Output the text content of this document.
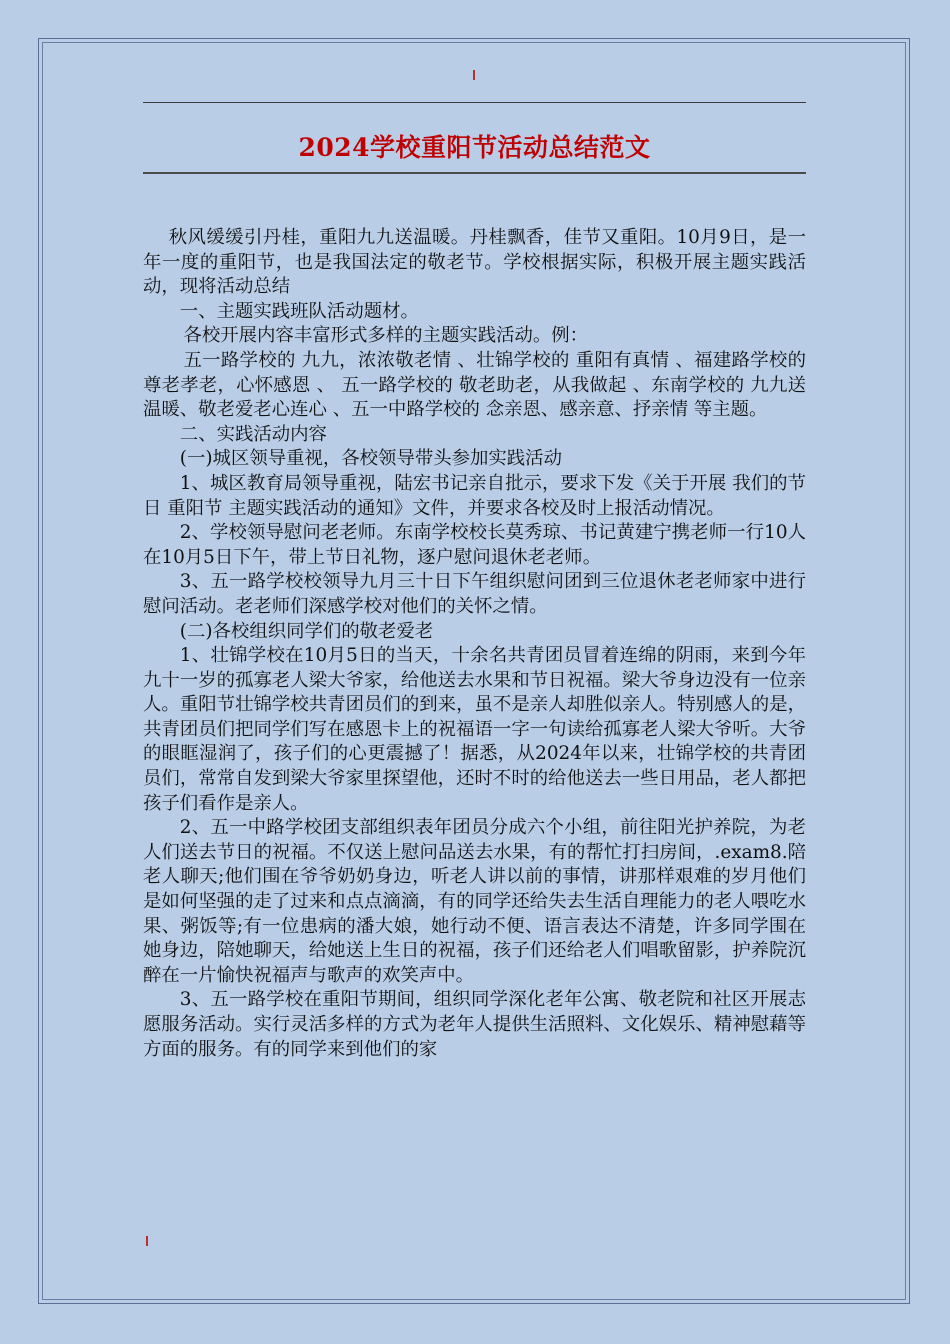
2024学校重阳节活动总结范文

秋风缓缓引丹桂，重阳九九送温暖。丹桂飘香，佳节又重阳。10月9日，是一年一度的重阳节，也是我国法定的敬老节。学校根据实际，积极开展主题实践活动，现将活动总结

一、主题实践班队活动题材。

各校开展内容丰富形式多样的主题实践活动。例：

五一路学校的 九九，浓浓敬老情 、壮锦学校的 重阳有真情 、福建路学校的 尊老孝老，心怀感恩 、 五一路学校的 敬老助老，从我做起 、东南学校的 九九送温暖、敬老爱老心连心 、五一中路学校的 念亲恩、感亲意、抒亲情 等主题。

二、实践活动内容

(一)城区领导重视，各校领导带头参加实践活动

1、城区教育局领导重视，陆宏书记亲自批示，要求下发《关于开展 我们的节日 重阳节 主题实践活动的通知》文件，并要求各校及时上报活动情况。

2、学校领导慰问老老师。东南学校校长莫秀琼、书记黄建宁携老师一行10人在10月5日下午，带上节日礼物，逐户慰问退休老老师。

3、五一路学校校领导九月三十日下午组织慰问团到三位退休老老师家中进行慰问活动。老老师们深感学校对他们的关怀之情。

(二)各校组织同学们的敬老爱老

1、壮锦学校在10月5日的当天，十余名共青团员冒着连绵的阴雨，来到今年九十一岁的孤寡老人梁大爷家，给他送去水果和节日祝福。梁大爷身边没有一位亲人。重阳节壮锦学校共青团员们的到来，虽不是亲人却胜似亲人。特别感人的是，共青团员们把同学们写在感恩卡上的祝福语一字一句读给孤寡老人梁大爷听。大爷的眼眶湿润了，孩子们的心更震撼了！据悉，从2024年以来，壮锦学校的共青团员们，常常自发到梁大爷家里探望他，还时不时的给他送去一些日用品，老人都把孩子们看作是亲人。

2、五一中路学校团支部组织表年团员分成六个小组，前往阳光护养院，为老人们送去节日的祝福。不仅送上慰问品送去水果，有的帮忙打扫房间，.exam8.陪老人聊天;他们围在爷爷奶奶身边，听老人讲以前的事情，讲那样艰难的岁月他们是如何坚强的走了过来和点点滴滴，有的同学还给失去生活自理能力的老人喂吃水果、粥饭等;有一位患病的潘大娘，她行动不便、语言表达不清楚，许多同学围在她身边，陪她聊天，给她送上生日的祝福，孩子们还给老人们唱歌留影，护养院沉醉在一片愉快祝福声与歌声的欢笑声中。

3、五一路学校在重阳节期间，组织同学深化老年公寓、敬老院和社区开展志愿服务活动。实行灵活多样的方式为老年人提供生活照料、文化娱乐、精神慰藉等方面的服务。有的同学来到他们的家
